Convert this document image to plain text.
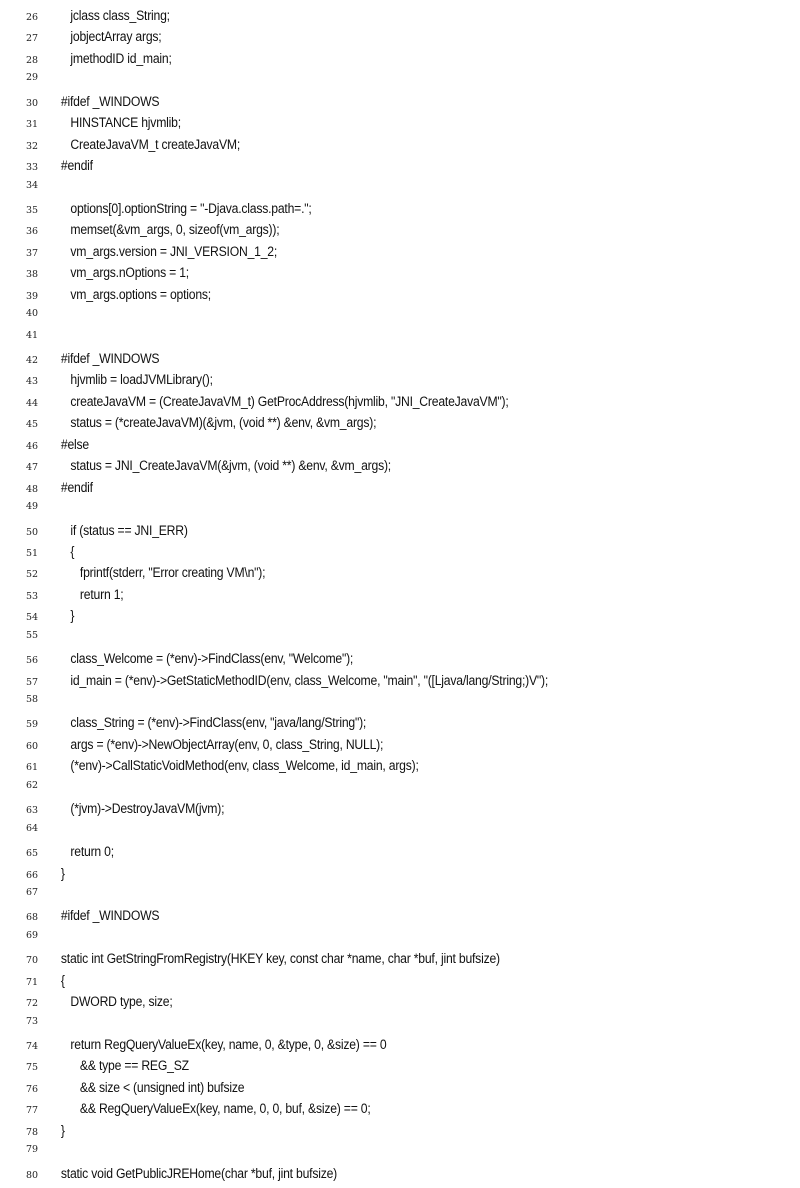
26	jclass class_String;
27	jobjectArray args;
28	jmethodID id_main;
29
30	#ifdef _WINDOWS
31	HINSTANCE hjvmlib;
32	CreateJavaVM_t createJavaVM;
33	#endif
34
35	options[0].optionString = "-Djava.class.path=.";
36	memset(&vm_args, 0, sizeof(vm_args));
37	vm_args.version = JNI_VERSION_1_2;
38	vm_args.nOptions = 1;
39	vm_args.options = options;
40
41
42	#ifdef _WINDOWS
43	hjvmlib = loadJVMLibrary();
44	createJavaVM = (CreateJavaVM_t) GetProcAddress(hjvmlib, "JNI_CreateJavaVM");
45	status = (*createJavaVM)(&jvm, (void **) &env, &vm_args);
46	#else
47	status = JNI_CreateJavaVM(&jvm, (void **) &env, &vm_args);
48	#endif
49
50	if (status == JNI_ERR)
51	{
52	fprintf(stderr, "Error creating VM\n");
53	return 1;
54	}
55
56	class_Welcome = (*env)->FindClass(env, "Welcome");
57	id_main = (*env)->GetStaticMethodID(env, class_Welcome, "main", "([Ljava/lang/String;)V");
58
59	class_String = (*env)->FindClass(env, "java/lang/String");
60	args = (*env)->NewObjectArray(env, 0, class_String, NULL);
61	(*env)->CallStaticVoidMethod(env, class_Welcome, id_main, args);
62
63	(*jvm)->DestroyJavaVM(jvm);
64
65	return 0;
66	}
67
68	#ifdef _WINDOWS
69
70	static int GetStringFromRegistry(HKEY key, const char *name, char *buf, jint bufsize)
71	{
72	DWORD type, size;
73
74	return RegQueryValueEx(key, name, 0, &type, 0, &size) == 0
75	&& type == REG_SZ
76	&& size < (unsigned int) bufsize
77	&& RegQueryValueEx(key, name, 0, 0, buf, &size) == 0;
78	}
79
80	static void GetPublicJREHome(char *buf, jint bufsize)
